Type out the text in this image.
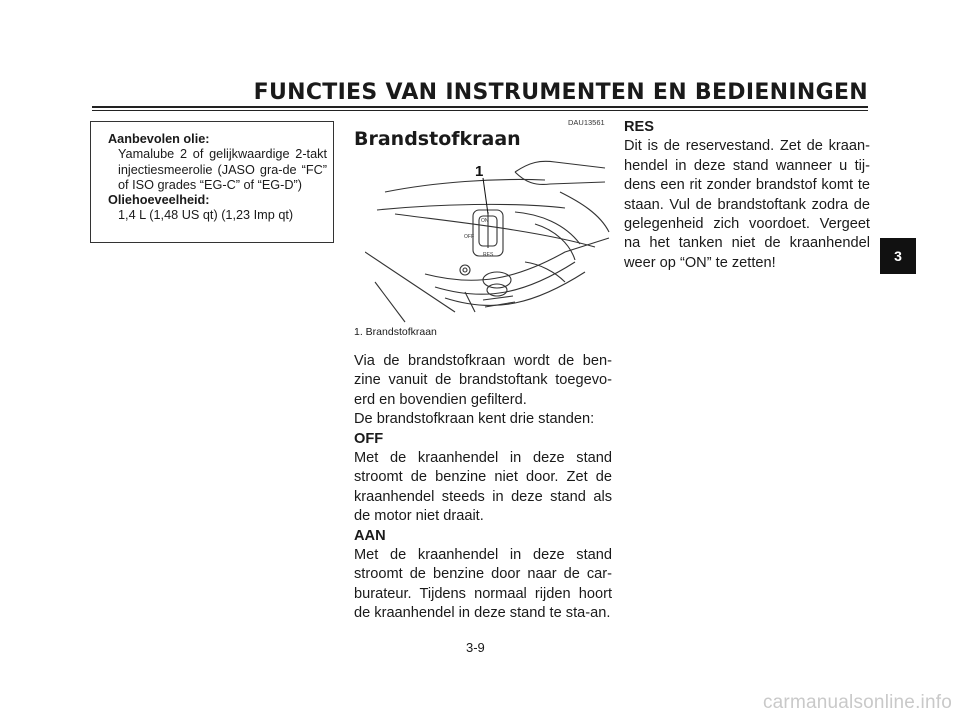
FUNCTIES VAN INSTRUMENTEN EN BEDIENINGEN
3
Aanbevolen olie:
Yamalube 2 of gelijkwaardige 2-takt injectiesmeerolie (JASO gra-de “FC” of ISO grades “EG-C” of “EG-D”)
Oliehoeveelheid:
1,4 L (1,48 US qt) (1,23 Imp qt)
DAU13561
Brandstofkraan
1
ON
OFF
RES
1. Brandstofkraan

Via de brandstofkraan wordt de ben-zine vanuit de brandstoftank toegevo-erd en bovendien gefilterd.

De brandstofkraan kent drie standen:

OFF

Met de kraanhendel in deze stand stroomt de benzine niet door. Zet de kraanhendel steeds in deze stand als de motor niet draait.

AAN

Met de kraanhendel in deze stand stroomt de benzine door naar de car-burateur. Tijdens normaal rijden hoort de kraanhendel in deze stand te sta-an.

RES

Dit is de reservestand. Zet de kraan-hendel in deze stand wanneer u tij-dens een rit zonder brandstof komt te staan. Vul de brandstoftank zodra de gelegenheid zich voordoet. Vergeet na het tanken niet de kraanhendel weer op “ON” te zetten!

3-9
carmanualsonline.info
